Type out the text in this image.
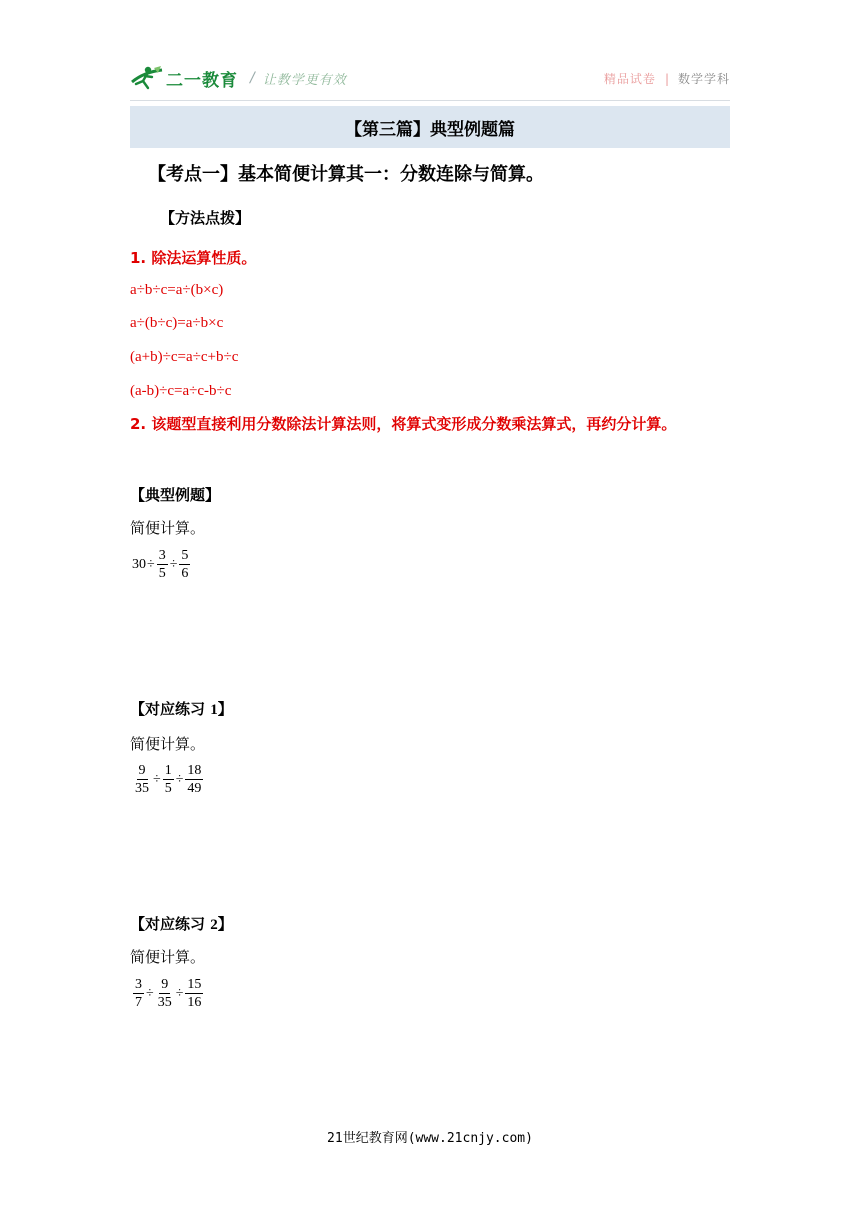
二一教育 / 让教学更有效	精品试卷 | 数学学科
【第三篇】典型例题篇
【考点一】基本简便计算其一：分数连除与简算。
【方法点拨】
1. 除法运算性质。
a÷b÷c=a÷(b×c)
a÷(b÷c)=a÷b×c
(a+b)÷c=a÷c+b÷c
(a-b)÷c=a÷c-b÷c
2. 该题型直接利用分数除法计算法则，将算式变形成分数乘法算式，再约分计算。
【典型例题】
简便计算。
$30 \div \frac{3}{5} \div \frac{5}{6}$
【对应练习 1】
简便计算。
$\frac{9}{35} \div \frac{1}{5} \div \frac{18}{49}$
【对应练习 2】
简便计算。
$\frac{3}{7} \div \frac{9}{35} \div \frac{15}{16}$
21世纪教育网(www.21cnjy.com)
